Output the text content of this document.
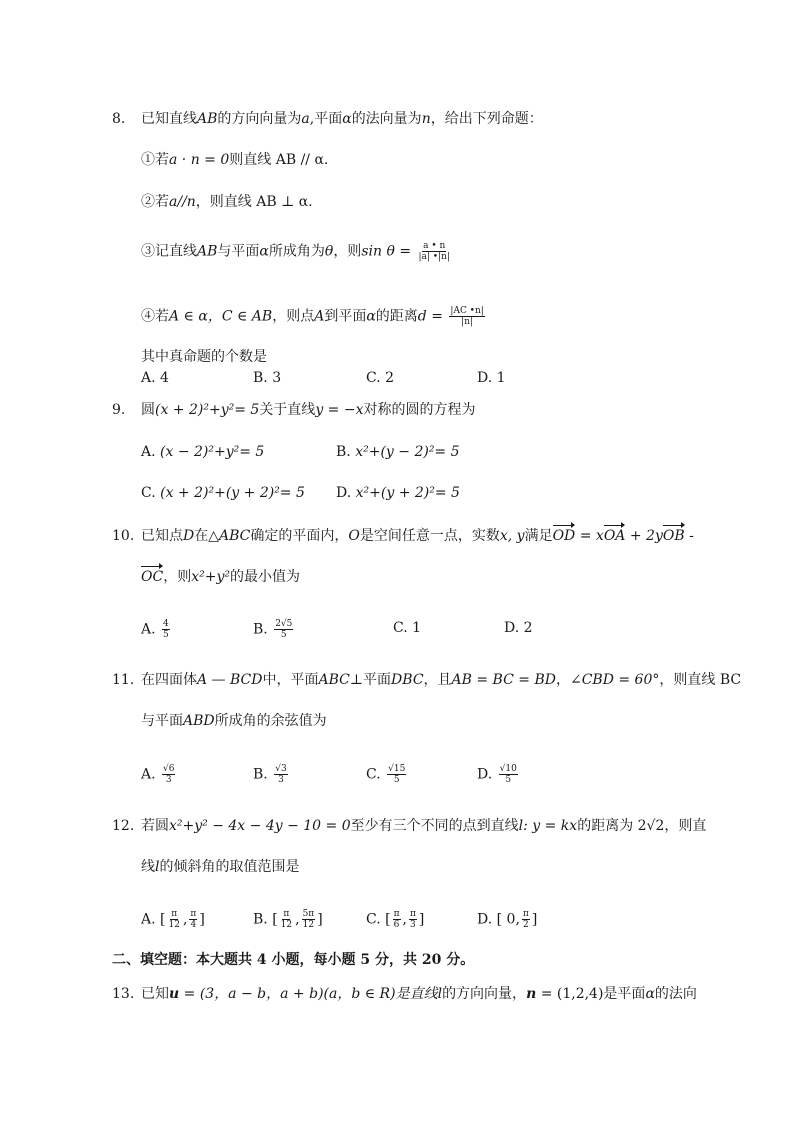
8. 已知直线AB的方向向量为a,平面α的法向量为n，给出下列命题：
①若a · n = 0则直线 AB // α.
②若a//n，则直线 AB ⊥ α.
③记直线AB与平面α所成角为θ，则$\sin \theta = \frac{a • n}{|a| •|n|}$
④若A ∈ α，C ∈ AB，则点A到平面α的距离$d = \frac{|AC •n|}{|n|}$
其中真命题的个数是
A. 4	B. 3	C. 2	D. 1
9. 圆(x + 2)²+y²= 5关于直线y = −x对称的圆的方程为
A. (x − 2)²+y²= 5	B. x²+(y − 2)²= 5
C. (x + 2)²+(y + 2)²= 5 D. x²+(y + 2)²= 5
10. 已知点D在△ABC确定的平面内，O是空间任意一点，实数x, y满足OD = xOA + 2yOB -
OC，则x²+y²的最小值为
A. $\frac{4}{5}$	B. $\frac{2√5}{5}$	C. 1	D. 2
11. 在四面体A — BCD中，平面ABC⊥平面DBC，且AB = BC = BD，∠CBD = 60°，则直线 BC
与平面ABD所成角的余弦值为
A. $\frac{√6}{3}$	B. $\frac{√3}{3}$	C. $\frac{√15}{5}$	D. $\frac{√10}{5}$
12. 若圆x²+y² − 4x − 4y − 10 = 0至少有三个不同的点到直线l: y = kx的距离为 2√2，则直
线l的倾斜角的取值范围是
A. [ $\frac{\pi}{12}$ , $\frac{\pi}{4}$ ]	B. [ $\frac{\pi}{12}$ , $\frac{5\pi}{12}$ ]	C. [ $\frac{\pi}{6}$ , $\frac{\pi}{3}$ ]	D. [ 0, $\frac{\pi}{2}$ ]
二、填空题：本大题共 4 小题，每小题 5 分，共 20 分。
13. 已知u = (3，a − b，a + b)(a，b ∈ R)是直线l的方向向量，n = (1,2,4)是平面α的法向
